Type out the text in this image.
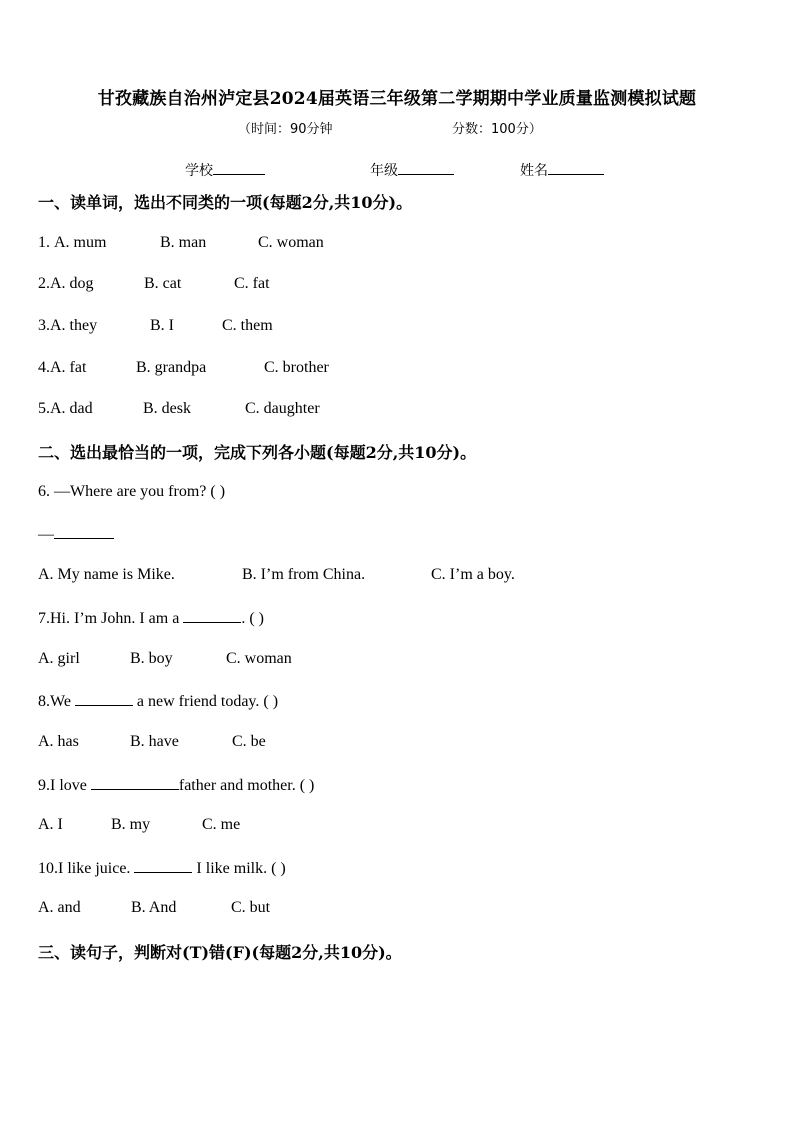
甘孜藏族自治州泸定县2024届英语三年级第二学期期中学业质量监测模拟试题
（时间：90分钟	分数：100分）
学校	年级	姓名
一、读单词，选出不同类的一项(每题2分,共10分)。
1. A. mum	B. man	C. woman
2.A. dog	B. cat	C. fat
3.A. they	B. I	C. them
4.A. fat	B. grandpa	C. brother
5.A. dad	B. desk	C. daughter
二、选出最恰当的一项，完成下列各小题(每题2分,共10分)。
6. —Where are you from? ( )
—
A. My name is Mike.	B. I’m from China.	C. I’m a boy.
7.Hi. I’m John. I am a	. ( )
A. girl	B. boy	C. woman
8.We	a new friend today. ( )
A. has	B. have	C. be
9.I love	father and mother. ( )
A. I	B. my	C. me
10.I like juice.	I like milk. ( )
A. and	B. And	C. but
三、读句子，判断对(T)错(F)(每题2分,共10分)。
